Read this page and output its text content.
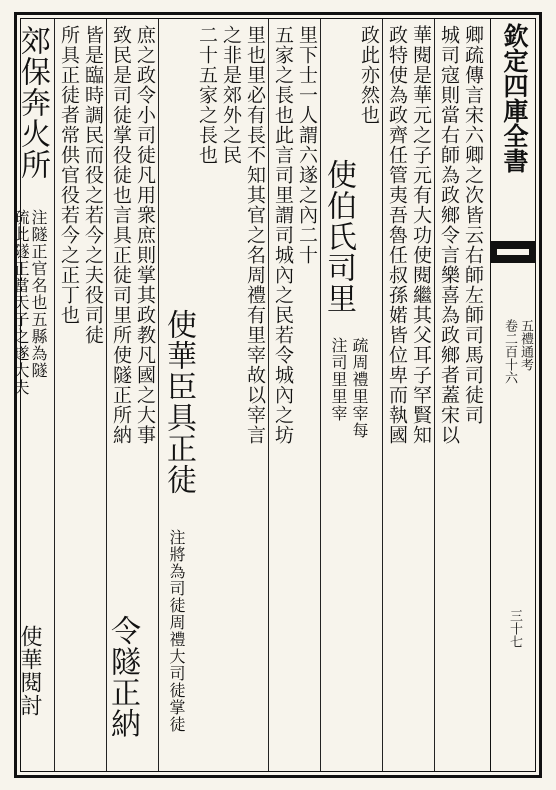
欽定四庫全書
五禮通考
卷二百十六
三十七
卿疏傳言宋六卿之次皆云右師左師司馬司徒司
城司寇則當右師為政鄉令言樂喜為政鄉者蓋宋以
華閱是華元之子元有大功使閱繼其父耳子罕賢知
政特使為政齊任管夷吾魯任叔孫婼皆位卑而執國
政此亦然也
使伯氏司里
注司里里宰 疏周禮里宰每
里下士一人謂六遂之內二十
五家之長也此言司里謂司城內之民若令城內之坊
里也里必有長不知其官之名周禮有里宰故以宰言
之非是郊外之民
二十五家之長也
使華臣具正徒
注將為司徒周禮大司徒掌徒
庶之政令小司徒凡用衆庶則掌其政教凡國之大事
致民是司徒掌役徒也言具正徒司里所使隧正所納
皆是臨時調民而役之若今之夫役司徒
令隧正納
所具正徒者常供官役若今之正丁也
郊保奔火所
注隧正官名也五縣為隧
疏此隧正當天子之遂大夫
使華閱討
